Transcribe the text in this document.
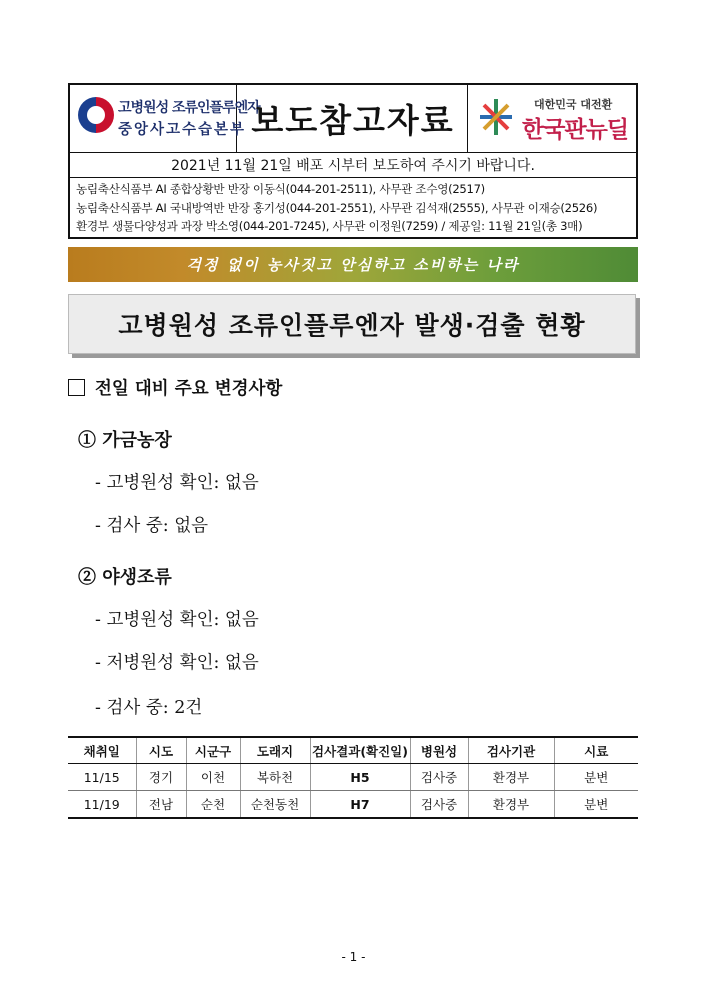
고병원성 조류인플루엔자
중앙사고수습본부 보도참고자료	대한민국 대전환
한국판뉴딜
2021년 11월 21일 배포 시부터 보도하여 주시기 바랍니다.
농림축산식품부 AI 종합상황반 반장 이동식(044-201-2511), 사무관 조수영(2517)
농림축산식품부 AI 국내방역반 반장 홍기성(044-201-2551), 사무관 김석재(2555), 사무관 이재승(2526)
환경부 생물다양성과 과장 박소영(044-201-7245), 사무관 이정원(7259) / 제공일: 11월 21일(총 3매)
걱정 없이 농사짓고 안심하고 소비하는 나라
고병원성 조류인플루엔자 발생·검출 현황
전일 대비 주요 변경사항
① 가금농장
- 고병원성 확인: 없음
- 검사 중: 없음
② 야생조류
- 고병원성 확인: 없음
- 저병원성 확인: 없음
- 검사 중: 2건
채취일	시도	시군구	도래지	검사결과(확진일)	병원성	검사기관	시료
11/15	경기	이천	복하천	H5	검사중	환경부	분변
11/19	전남	순천	순천동천	H7	검사중	환경부	분변
- 1 -
